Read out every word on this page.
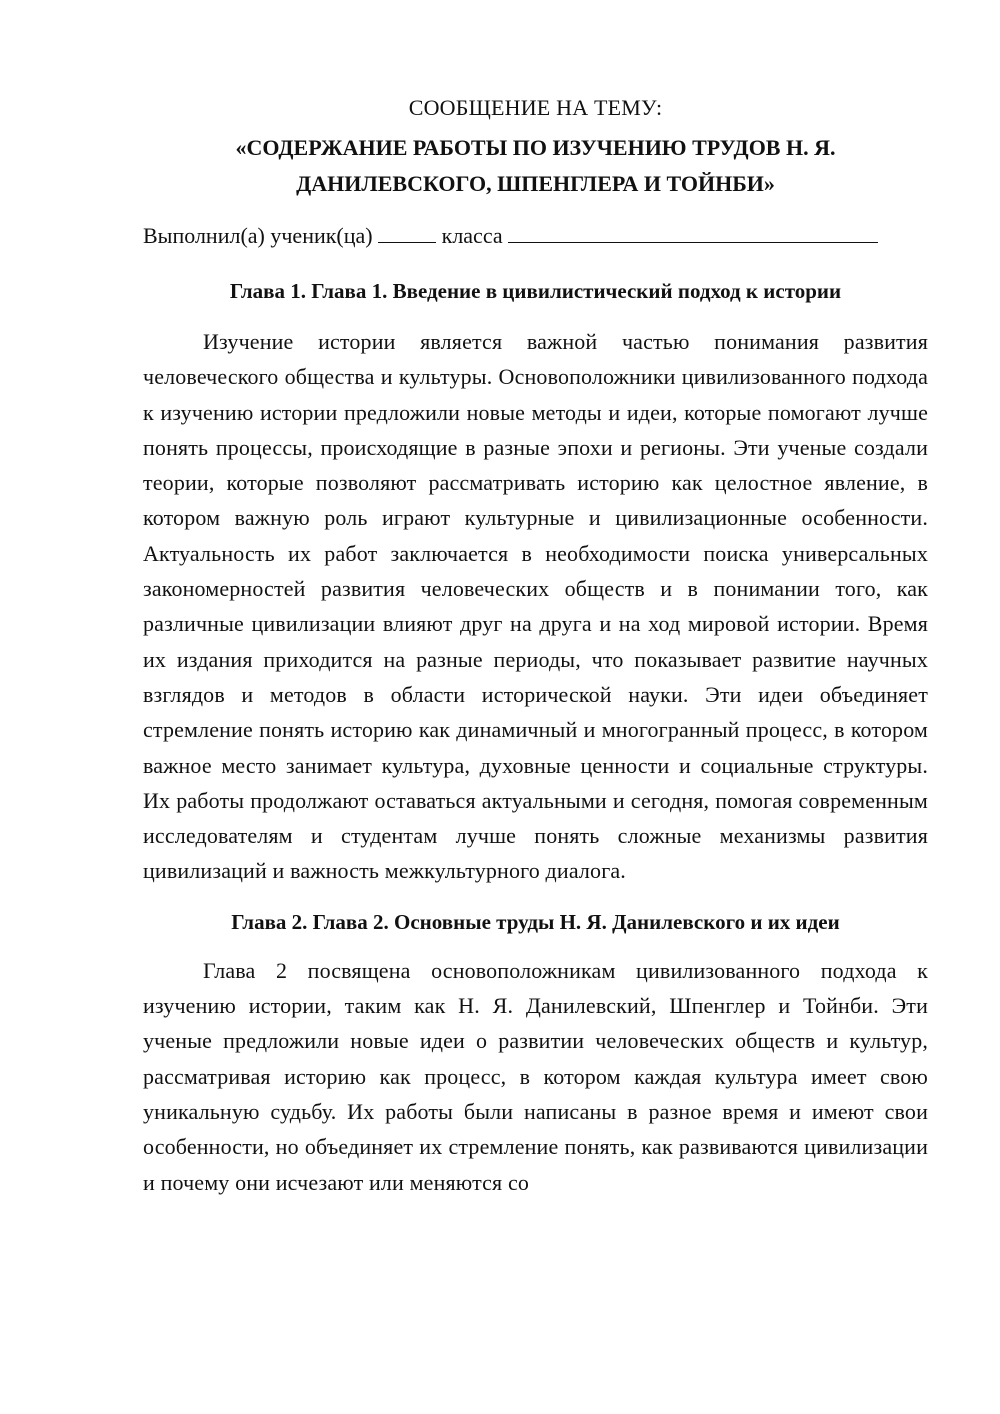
СООБЩЕНИЕ НА ТЕМУ:
«СОДЕРЖАНИЕ РАБОТЫ ПО ИЗУЧЕНИЮ ТРУДОВ Н. Я. ДАНИЛЕВСКОГО, ШПЕНГЛЕРА И ТОЙНБИ»

Выполнил(а) ученик(ца)	класса

Глава 1. Глава 1. Введение в цивилистический подход к истории

Изучение истории является важной частью понимания развития человеческого общества и культуры. Основоположники цивилизованного подхода к изучению истории предложили новые методы и идеи, которые помогают лучше понять процессы, происходящие в разные эпохи и регионы. Эти ученые создали теории, которые позволяют рассматривать историю как целостное явление, в котором важную роль играют культурные и цивилизационные особенности. Актуальность их работ заключается в необходимости поиска универсальных закономерностей развития человеческих обществ и в понимании того, как различные цивилизации влияют друг на друга и на ход мировой истории. Время их издания приходится на разные периоды, что показывает развитие научных взглядов и методов в области исторической науки. Эти идеи объединяет стремление понять историю как динамичный и многогранный процесс, в котором важное место занимает культура, духовные ценности и социальные структуры. Их работы продолжают оставаться актуальными и сегодня, помогая современным исследователям и студентам лучше понять сложные механизмы развития цивилизаций и важность межкультурного диалога.

Глава 2. Глава 2. Основные труды Н. Я. Данилевского и их идеи

Глава 2 посвящена основоположникам цивилизованного подхода к изучению истории, таким как Н. Я. Данилевский, Шпенглер и Тойнби. Эти ученые предложили новые идеи о развитии человеческих обществ и культур, рассматривая историю как процесс, в котором каждая культура имеет свою уникальную судьбу. Их работы были написаны в разное время и имеют свои особенности, но объединяет их стремление понять, как развиваются цивилизации и почему они исчезают или меняются со
